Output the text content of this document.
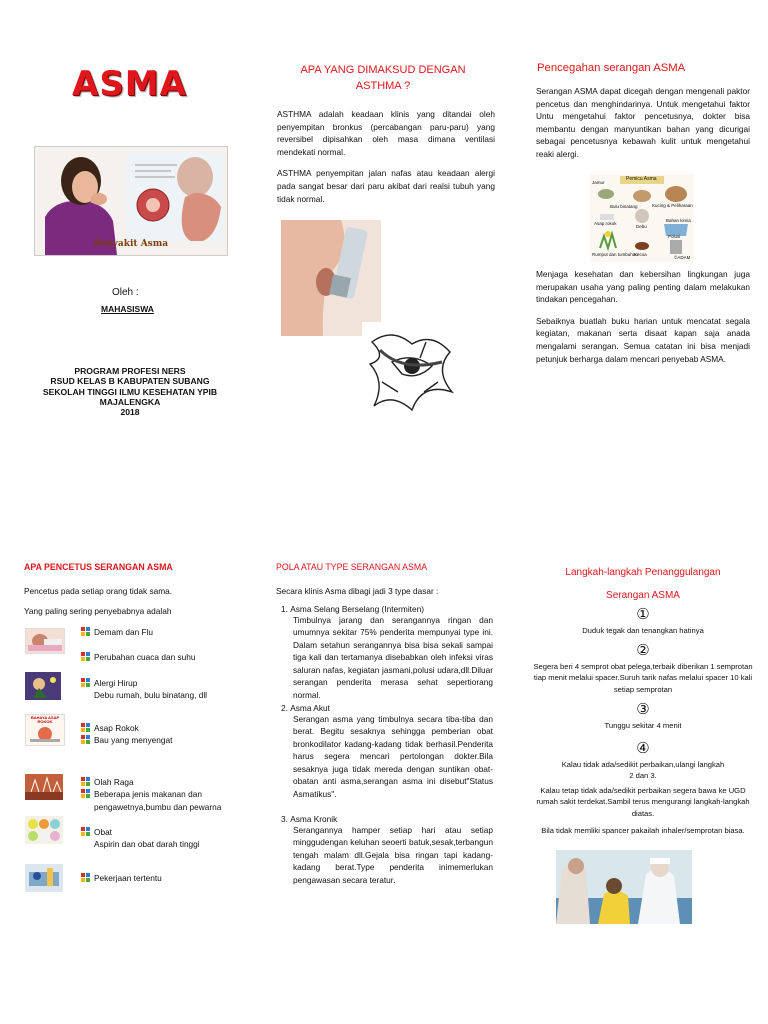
ASMA
Penyakit Asma
Oleh :
MAHASISWA
PROGRAM PROFESI NERS
RSUD KELAS B KABUPATEN SUBANG
SEKOLAH TINGGI ILMU KESEHATAN YPIB
MAJALENGKA
2018
APA YANG DIMAKSUD DENGAN
ASTHMA ?

ASTHMA adalah keadaan klinis yang ditandai oleh penyempitan bronkus (percabangan paru-paru) yang reversibel dipisahkan oleh masa dimana ventilasi mendekati normal.

ASTHMA penyempitan jalan nafas atau keadaan alergi pada sangat besar dari paru akibat dari realsi tubuh yang tidak normal.

Pencegahan serangan ASMA

Serangan ASMA dapat dicegah dengan mengenali paktor pencetus dan menghindarinya. Untuk mengetahui faktor Untu mengetahui faktor pencetusnya, dokter bisa membantu dengan manyuntikan bahan yang dicurigai sebagai pencetusnya kebawah kulit untuk mengetahui reaki alergi.

Pemicu Asma
Jamur
Bulu binatang	Kucing & Peliharaan
Asap rokok
Debu
Rumput dan tumbuhan
Bahan kimia
Kecoa
Polusi
©ADAM

Menjaga kesehatan dan kebersihan lingkungan juga merupakan usaha yang paling penting dalam melakukan tindakan pencegahan.

Sebaiknya buatlah buku harian untuk mencatat segala kegiatan, makanan serta disaat kapan saja anada mengalami serangan. Semua catatan ini bisa menjadi petunjuk berharga dalam mencari penyebab ASMA.

APA PENCETUS SERANGAN ASMA
Pencetus pada setiap orang tidak sama.
Yang paling sering penyebabnya adalah
BAHAYA ASAP ROKOK
Demam dan Flu
Perubahan cuaca dan suhu
Alergi Hirup
Debu rumah, bulu binatang, dll
Asap Rokok
Bau yang menyengat
Olah Raga
Beberapa jenis makanan dan
pengawetnya,bumbu dan pewarna
Obat
Aspirin dan obat darah tinggi
Pekerjaan tertentu
POLA ATAU TYPE SERANGAN ASMA
Secara klinis Asma dibagi jadi 3 type dasar :
1. Asma Selang Berselang (Intermiten)
Timbulnya jarang dan serangannya ringan dan umumnya sekitar 75% penderita mempunyai type ini. Dalam setahun serangannya bisa bisa sekali sampai tiga kali dan tertamanya disebabkan oleh infeksi viras saluran nafas, kegiatan jasmani,polusi udara,dll.Diluar serangan penderita merasa sehat sepertiorang normal.
2. Asma Akut
Serangan asma yang timbulnya secara tiba-tiba dan berat. Begitu sesaknya sehingga pemberian obat bronkodilator kadang-kadang tidak berhasil.Penderita harus segera mencari pertolongan dokter.Bila sesaknya juga tidak mereda dengan suntikan obat-obatan anti asma,serangan asma ini disebut"Status Asmatikus".
3. Asma Kronik
Serangannya hamper setiap hari atau setiap minggudengan keluhan seoerti batuk,sesak,terbangun tengah malam dll.Gejala bisa ringan tapi kadang-kadang berat.Type penderita inimemerlukan pengawasan secara teratur.
Langkah-langkah Penanggulangan
Serangan ASMA
①
Duduk tegak dan tenangkan hatinya
②
Segera beri 4 semprot obat pelega,terbaik diberikan 1 semprotan tiap menit melalui spacer.Suruh tarik nafas melalui spacer 10 kali setiap semprotan
③
Tunggu sekitar 4 menit
④
Kalau tidak ada/sedikit perbaikan,ulangi langkah 2 dan 3.
Kalau tetap tidak ada/sedikit perbaikan segera bawa ke UGD rumah sakit terdekat.Sambil terus mengurangi langkah-langkah diatas.
Bila tidak memliki spancer pakailah inhaler/semprotan biasa.
